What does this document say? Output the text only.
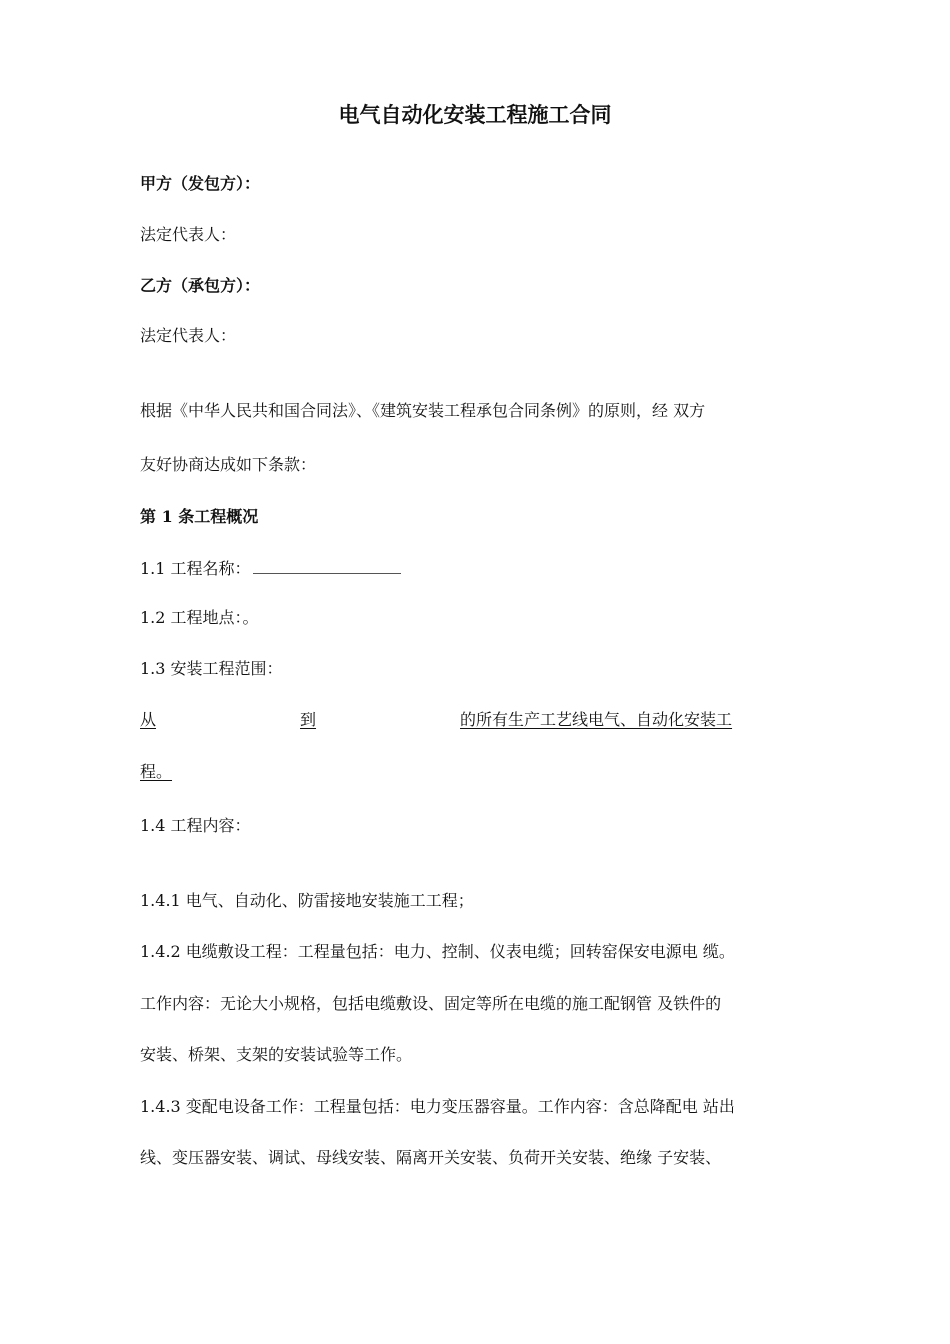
电气自动化安装工程施工合同
甲方（发包方）：
法定代表人：
乙方（承包方）：
法定代表人：
根据《中华人民共和国合同法》、《建筑安装工程承包合同条例》的原则，经 双方
友好协商达成如下条款：
第 1 条工程概况
1.1 工程名称：
1.2 工程地点：。
1.3 安装工程范围：
从	到	的所有生产工艺线电气、自动化安装工
程。
1.4 工程内容：
1.4.1 电气、自动化、防雷接地安装施工工程；
1.4.2 电缆敷设工程：工程量包括：电力、控制、仪表电缆；回转窑保安电源电 缆。
工作内容：无论大小规格，包括电缆敷设、固定等所在电缆的施工配钢管 及铁件的
安装、桥架、支架的安装试验等工作。
1.4.3 变配电设备工作：工程量包括：电力变压器容量。工作内容：含总降配电 站出
线、变压器安装、调试、母线安装、隔离开关安装、负荷开关安装、绝缘 子安装、
